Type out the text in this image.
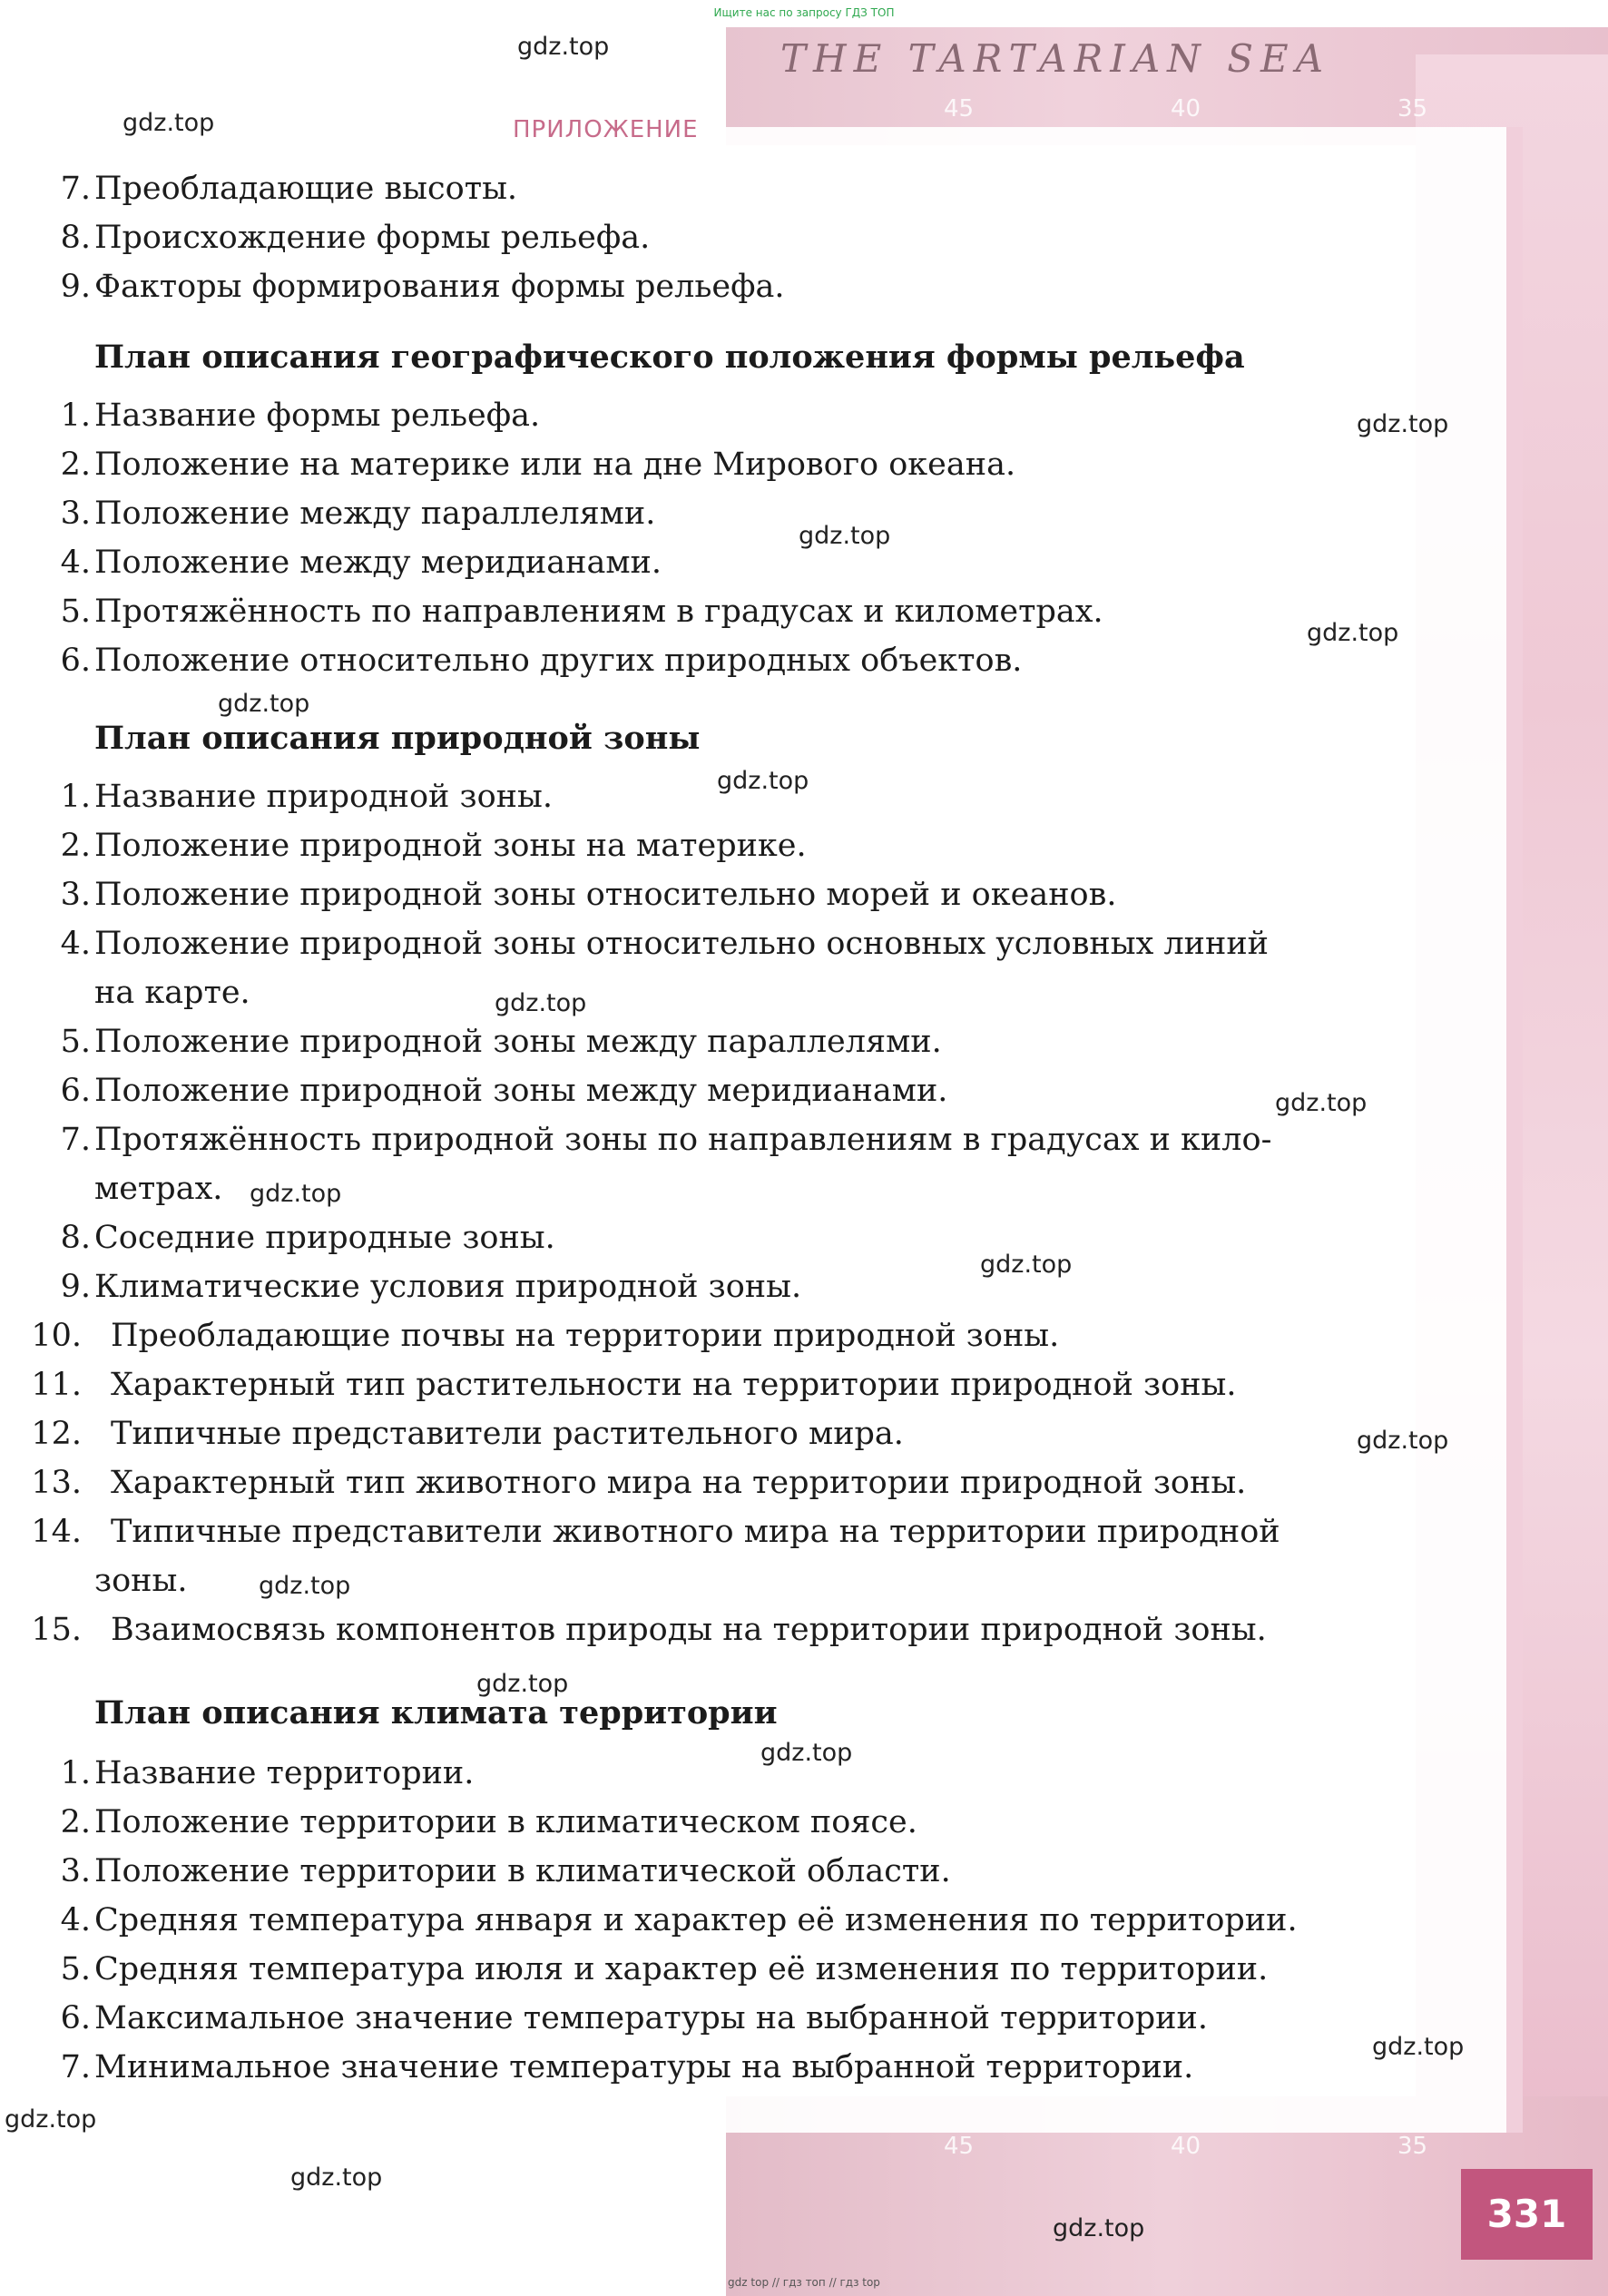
THE TARTARIAN SEA
45	40	35
45	40	35
Ищите нас по запросу ГДЗ ТОП
ПРИЛОЖЕНИЕ
7. Преобладающие высоты.
8. Происхождение формы рельефа.
9. Факторы формирования формы рельефа.
План описания географического положения формы рельефа
1. Название формы рельефа.
2. Положение на материке или на дне Мирового океана.
3. Положение между параллелями.
4. Положение между меридианами.
5. Протяжённость по направлениям в градусах и километрах.
6. Положение относительно других природных объектов.
План описания природной зоны
1. Название природной зоны.
2. Положение природной зоны на материке.
3. Положение природной зоны относительно морей и океанов.
4. Положение природной зоны относительно основных условных линий
на карте.
5. Положение природной зоны между параллелями.
6. Положение природной зоны между меридианами.
7. Протяжённость природной зоны по направлениям в градусах и кило-
метрах.
8. Соседние природные зоны.
9. Климатические условия природной зоны.
10. Преобладающие почвы на территории природной зоны.
11. Характерный тип растительности на территории природной зоны.
12. Типичные представители растительного мира.
13. Характерный тип животного мира на территории природной зоны.
14. Типичные представители животного мира на территории природной
зоны.
15. Взаимосвязь компонентов природы на территории природной зоны.
План описания климата территории
1. Название территории.
2. Положение территории в климатическом поясе.
3. Положение территории в климатической области.
4. Средняя температура января и характер её изменения по территории.
5. Средняя температура июля и характер её изменения по территории.
6. Максимальное значение температуры на выбранной территории.
7. Минимальное значение температуры на выбранной территории.
gdz.top
gdz.top
gdz.top
gdz.top
gdz.top
gdz.top
gdz.top
gdz.top
gdz.top
gdz.top
gdz.top
gdz.top
gdz.top
gdz.top
gdz.top
gdz.top
gdz.top
gdz.top
gdz.top	331
gdz top // гдз топ // гдз top
